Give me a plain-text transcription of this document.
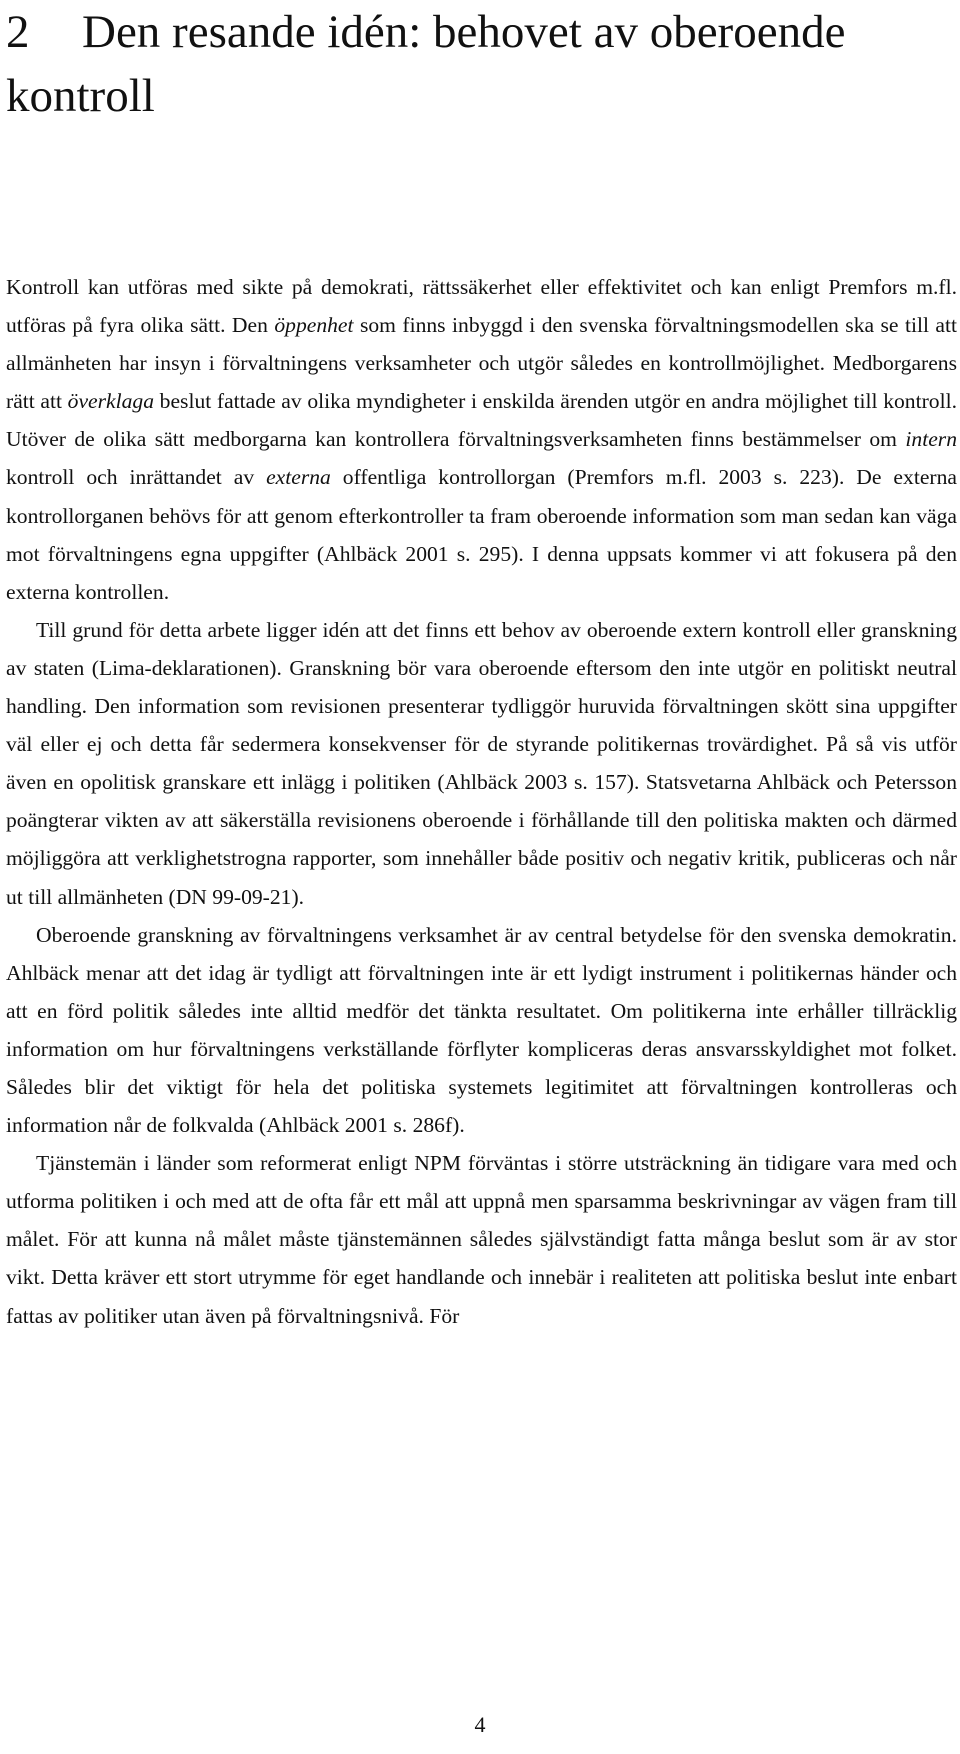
2 Den resande idén: behovet av oberoende kontroll

Kontroll kan utföras med sikte på demokrati, rättssäkerhet eller effektivitet och kan enligt Premfors m.fl. utföras på fyra olika sätt. Den öppenhet som finns inbyggd i den svenska förvaltningsmodellen ska se till att allmänheten har insyn i förvaltningens verksamheter och utgör således en kontrollmöjlighet. Medborgarens rätt att överklaga beslut fattade av olika myndigheter i enskilda ärenden utgör en andra möjlighet till kontroll. Utöver de olika sätt medborgarna kan kontrollera förvaltningsverksamheten finns bestämmelser om intern kontroll och inrättandet av externa offentliga kontrollorgan (Premfors m.fl. 2003 s. 223). De externa kontrollorganen behövs för att genom efterkontroller ta fram oberoende information som man sedan kan väga mot förvaltningens egna uppgifter (Ahlbäck 2001 s. 295). I denna uppsats kommer vi att fokusera på den externa kontrollen.

Till grund för detta arbete ligger idén att det finns ett behov av oberoende extern kontroll eller granskning av staten (Lima-deklarationen). Granskning bör vara oberoende eftersom den inte utgör en politiskt neutral handling. Den information som revisionen presenterar tydliggör huruvida förvaltningen skött sina uppgifter väl eller ej och detta får sedermera konsekvenser för de styrande politikernas trovärdighet. På så vis utför även en opolitisk granskare ett inlägg i politiken (Ahlbäck 2003 s. 157). Statsvetarna Ahlbäck och Petersson poängterar vikten av att säkerställa revisionens oberoende i förhållande till den politiska makten och därmed möjliggöra att verklighetstrogna rapporter, som innehåller både positiv och negativ kritik, publiceras och når ut till allmänheten (DN 99-09-21).

Oberoende granskning av förvaltningens verksamhet är av central betydelse för den svenska demokratin. Ahlbäck menar att det idag är tydligt att förvaltningen inte är ett lydigt instrument i politikernas händer och att en förd politik således inte alltid medför det tänkta resultatet. Om politikerna inte erhåller tillräcklig information om hur förvaltningens verkställande förflyter kompliceras deras ansvarsskyldighet mot folket. Således blir det viktigt för hela det politiska systemets legitimitet att förvaltningen kontrolleras och information når de folkvalda (Ahlbäck 2001 s. 286f).

Tjänstemän i länder som reformerat enligt NPM förväntas i större utsträckning än tidigare vara med och utforma politiken i och med att de ofta får ett mål att uppnå men sparsamma beskrivningar av vägen fram till målet. För att kunna nå målet måste tjänstemännen således självständigt fatta många beslut som är av stor vikt. Detta kräver ett stort utrymme för eget handlande och innebär i realiteten att politiska beslut inte enbart fattas av politiker utan även på förvaltningsnivå. För

4
